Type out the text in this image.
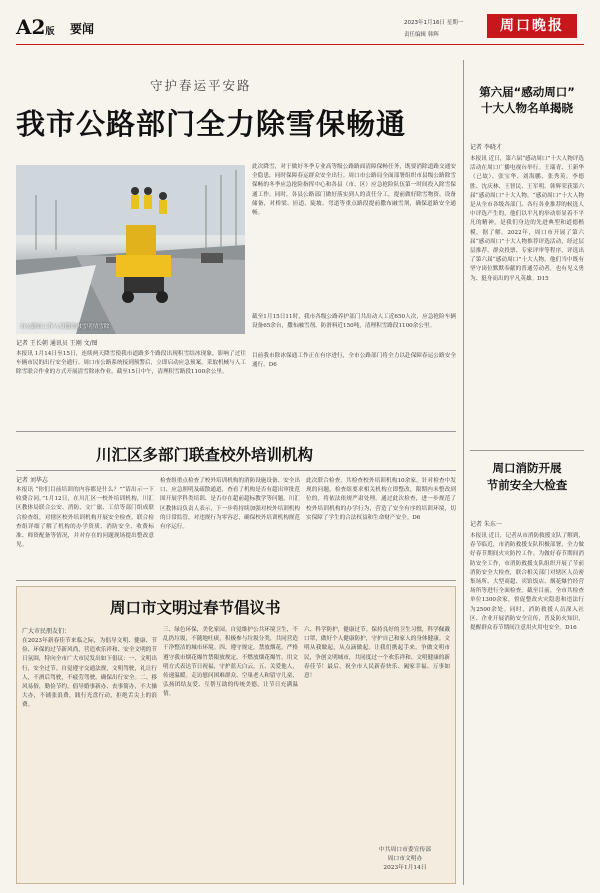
A2版 要闻	2023年1月16日 星期一
责任编辑 韩辉
周口晚报
守护春运平安路
我市公路部门全力除雪保畅通
市公路局工作人员撒盐融雪明情雪除
记者 王长朝 通讯员 王刚 文/图
本报讯 1月14日至15日，连续两天降雪使我市道路多个路段出现积雪结冰现象，影响了过往车辆市民的出行安全通行。周口市公路系统接到预警后，立即启动应急预案，采取机械与人工除雪联合作业的方式开展清雪除冰作业，截至15日中午，清理积雪路段1100余公里。
此次降雪，对于做好冬季专业高等级公路路面清障保畅任务，既要消除道路交通安全隐患，同时保障春运群众安全出行。周口市公路局全面部署组织市县级公路除雪保畅的冬季应急抢险指挥中心和各县（市、区）应急抢险队伍第一时间投入除雪保通工作。同时，各县公路部门做好落实到人的责任分工，提前做好除雪物资、设备储备，对桥梁、匝道、陡坡、弯道等重点路段提前撒布融雪剂，确保道路安全通畅。
截至1月15日11时，我市各级公路养护部门共出动人工近650人次，应急抢险车辆设备65余台，撒布融雪剂、防滑料近150吨，清理积雪路段1100余公里。
目前我市除冰保通工作正在有序进行，全市公路部门将全力以赴保障春运公路安全通行。D6
川汇区多部门联查校外培训机构
记者 刘华志
本报讯 “你们目前培训的内容都是什么？”“请出示一下收费合同。”1月12日，在川汇区一校外培训机构，川汇区教体局联合公安、消防、文广旅、工信等部门组成联合检查组，对辖区校外培训机构开展安全检查。联合检查组详细了解了机构的办学资质、消防安全、收费标准、师资配备等情况，并对存在的问题现场提出整改意见。
检查组重点检查了校外培训机构的消防设施设备、安全出口、应急照明及疏散通道，查看了机构是否有超出审批范围开展学科类培训、是否存在超前超标教学等问题。川汇区教体局负责人表示，下一步将持续加强对校外培训机构的日常监管，对违规行为零容忍，确保校外培训机构规范有序运行。
此次联合检查，共检查校外培训机构10余家，针对检查中发现的问题，检查组要求相关机构立即整改，限期内未整改到位的，将依法依规严肃处理。通过此次检查，进一步规范了校外培训机构的办学行为，营造了安全有序的培训环境，切实保障了学生的合法权益和生命财产安全。D6
周口市文明过春节倡议书
广大市民朋友们：
在2023年新春佳节来临之际，为倡导文明、健康、节俭、环保的过节新风尚，营造欢乐祥和、安全文明的节日氛围，特向全市广大市民发出如下倡议：一、文明出行，安全过节。自觉遵守交通法规，文明驾驶，礼让行人，不酒后驾驶，不疲劳驾驶，确保出行安全。二、移风易俗，勤俭节约。倡导婚事新办、丧事简办，不大操大办，不铺张浪费，践行光盘行动，拒绝舌尖上的浪费。
三、绿色环保，美化家园。自觉维护公共环境卫生，不乱扔垃圾，不随地吐痰，积极参与垃圾分类，共同营造干净整洁的城市环境。四、遵守规定，禁放烟花。严格遵守我市烟花爆竹禁限放规定，不燃放烟花爆竹，用文明方式表达节日祝福，守护蓝天白云。五、关爱他人，传递温暖。走访慰问困难群众、空巢老人和留守儿童，弘扬团结友爱、互帮互助的传统美德，让节日充满温情。
六、科学防护，健康过节。保持良好的卫生习惯，科学佩戴口罩，做好个人健康防护，守护自己和家人的身体健康。文明从我做起，从点滴做起。让我们携起手来，争做文明市民，争创文明城市，共同度过一个欢乐祥和、文明健康的新春佳节！最后，祝全市人民新春快乐、阖家幸福、万事如意！
中共周口市委宣传部
周口市文明办
2023年1月14日
第六届“感动周口”
十大人物名单揭晓
记者 李晓才
本报讯 近日，第六届“感动周口”十大人物评选活动在周口广播电视台举行。王瑞青、王新华（已故）、张宝华、刘海鹏、张秀英、李德胜、沈庆林、王智民、王军明、韩辉荣获第六届“感动周口”十大人物。“感动周口”十大人物是从全市各级各部门、各行各业推荐的候选人中评选产生的，他们以平凡的举动彰显着不平凡的精神，是我们身边的先进典型和道德楷模。据了解，2022年，周口市开展了第六届“感动周口”十大人物推荐评选活动，经过层层推荐、群众投票、专家评审等程序，评选出了第六届“感动周口”十大人物。他们当中既有坚守岗位默默奉献的普通劳动者，也有见义勇为、挺身而出的平凡英雄。D15
周口消防开展
节前安全大检查
记者 朱东一
本报讯 近日，记者从市消防救援支队了解到，春节临近，市消防救援支队积极部署，全力做好春节期间火灾防控工作。为做好春节期间消防安全工作，市消防救援支队组织开展了节前消防安全大检查，联合相关部门对辖区人员密集场所、大型商超、宾馆饭店、烟花爆竹经营场所等进行全面检查。截至目前，全市共检查单位1300余家，督促整改火灾隐患和违法行为2500余处。同时，消防救援人员深入社区、企业开展消防安全宣传，普及防火知识，提醒群众春节期间注意用火用电安全。D16
